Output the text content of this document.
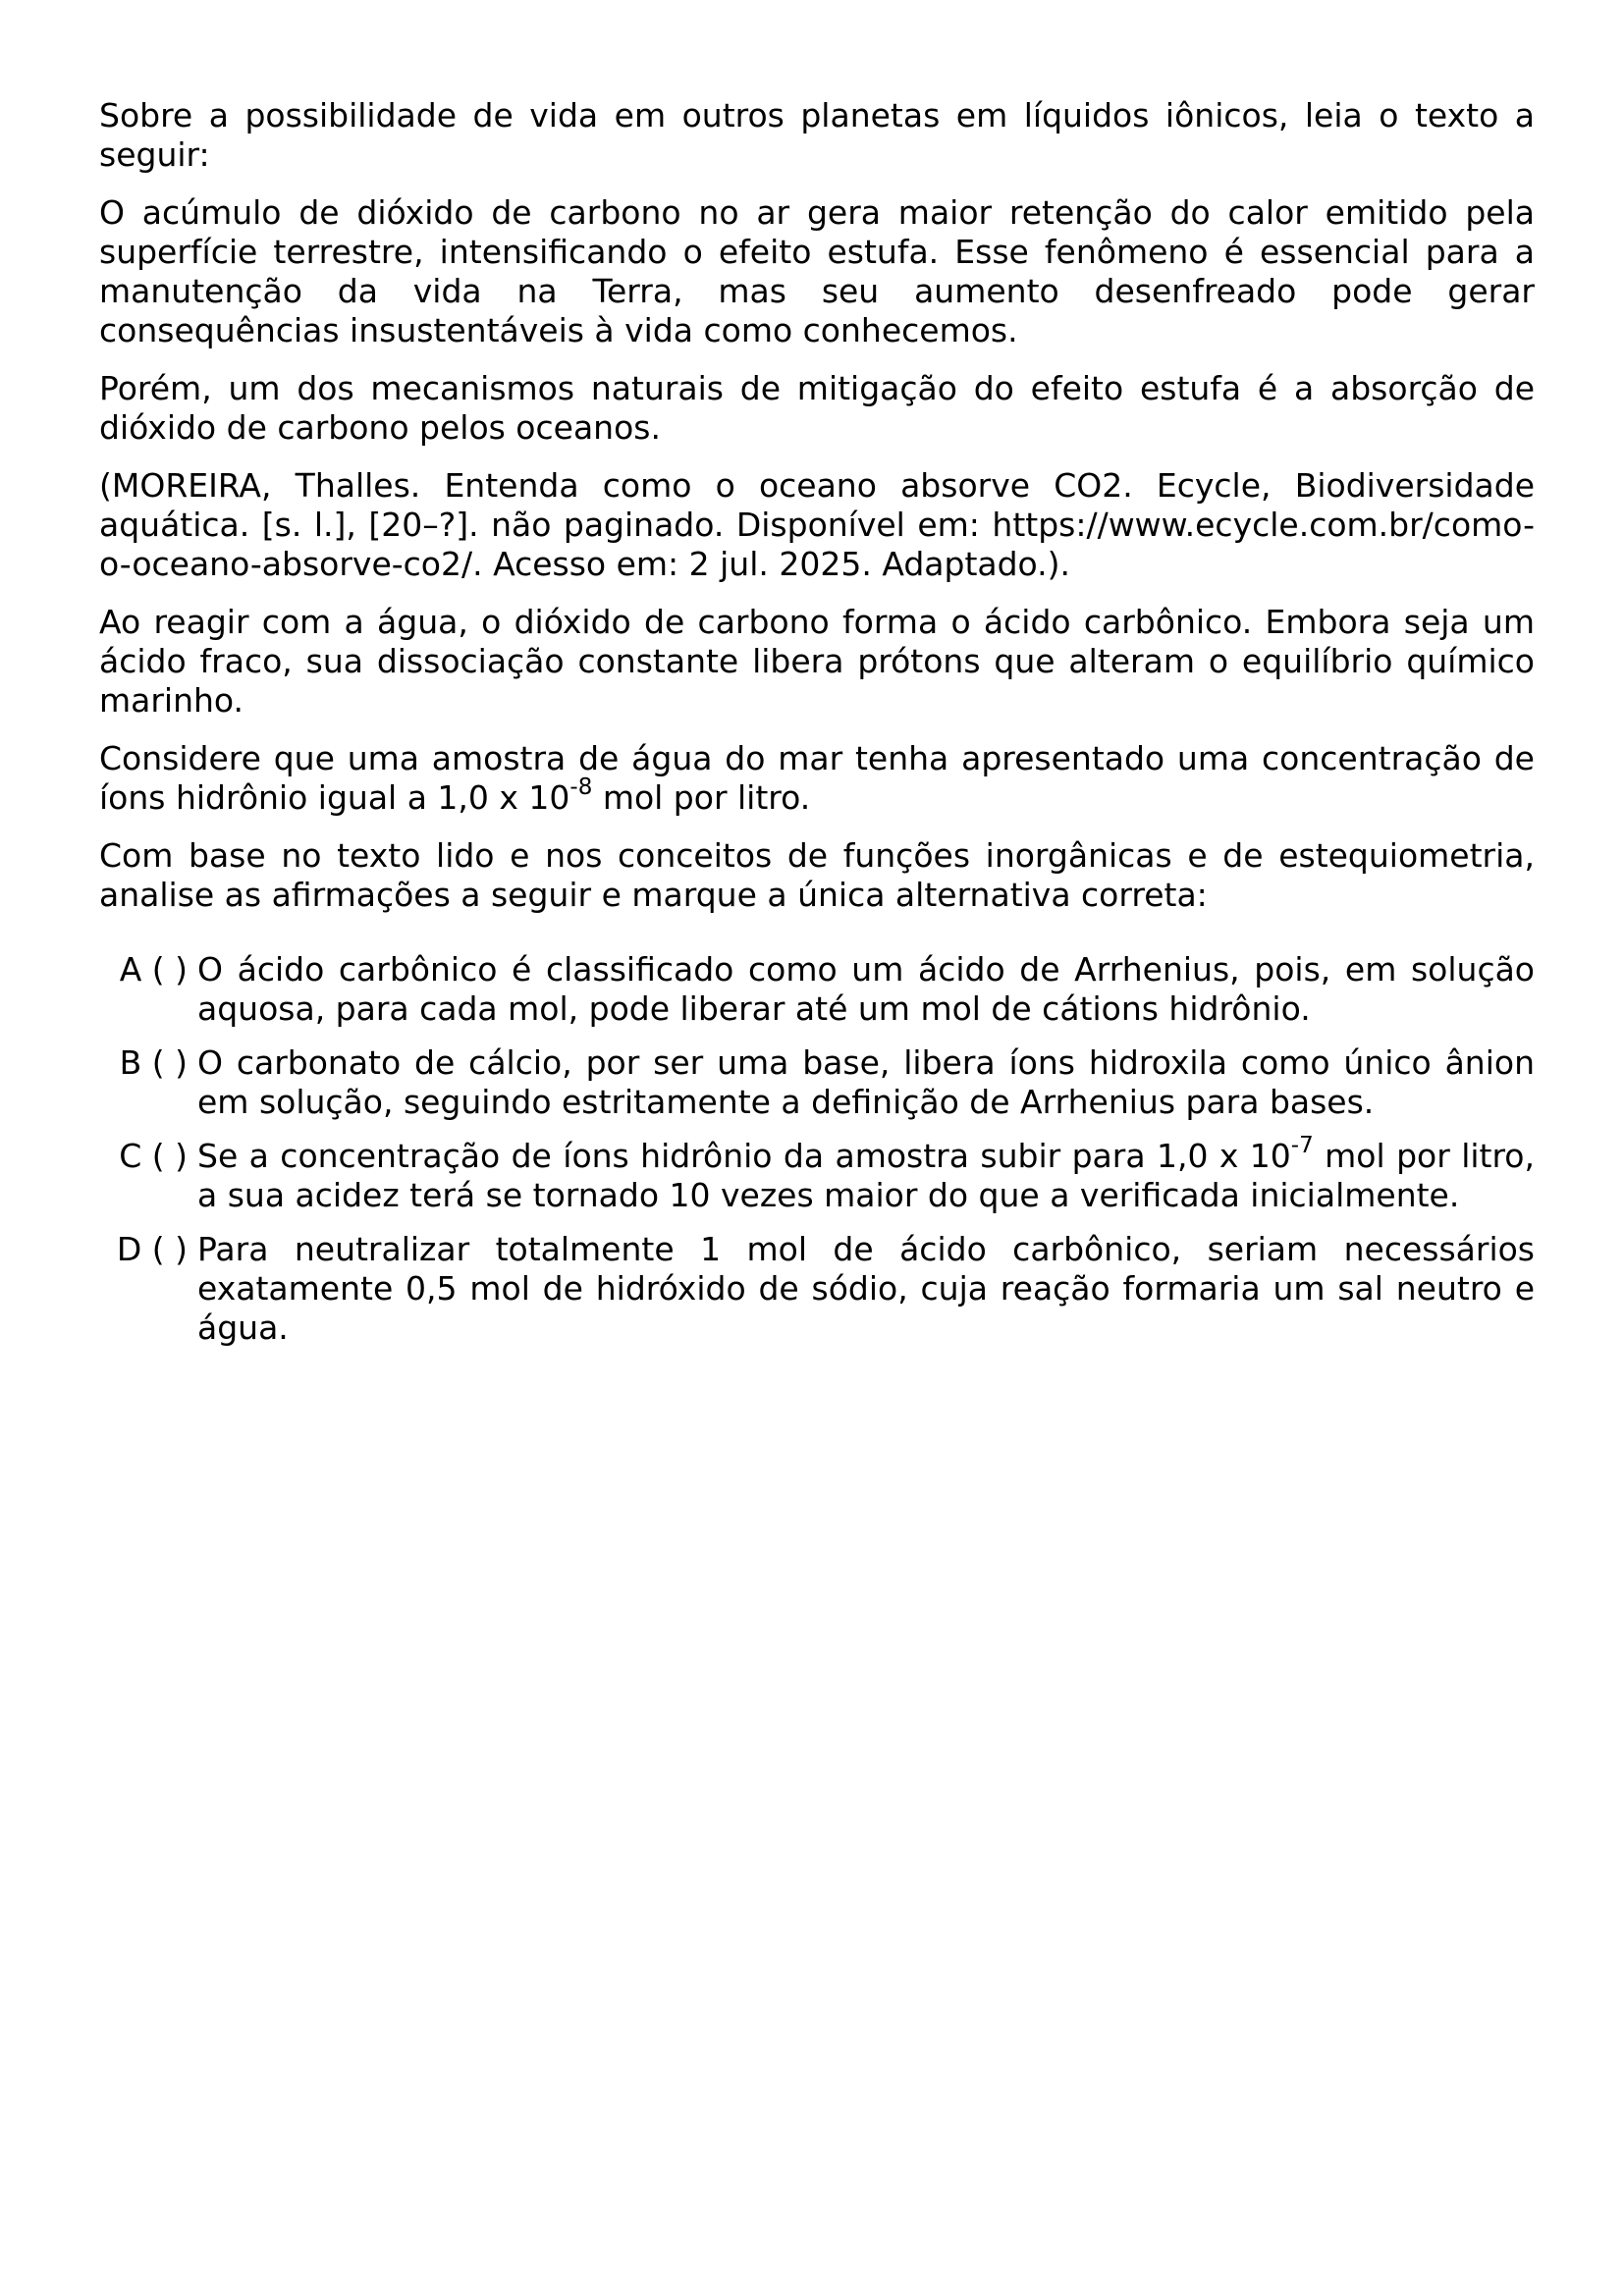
Sobre a possibilidade de vida em outros planetas em líquidos iônicos, leia o texto a seguir:

O acúmulo de dióxido de carbono no ar gera maior retenção do calor emitido pela superfície terrestre, intensificando o efeito estufa. Esse fenômeno é essencial para a manutenção da vida na Terra, mas seu aumento desenfreado pode gerar consequências insustentáveis à vida como conhecemos.

Porém, um dos mecanismos naturais de mitigação do efeito estufa é a absorção de dióxido de carbono pelos oceanos.

(MOREIRA, Thalles. Entenda como o oceano absorve CO2. Ecycle, Biodiversidade aquática. [s. l.], [20–?]. não paginado. Disponível em: https://www.ecycle.com.br/como-o-oceano-absorve-co2/. Acesso em: 2 jul. 2025. Adaptado.).

Ao reagir com a água, o dióxido de carbono forma o ácido carbônico. Embora seja um ácido fraco, sua dissociação constante libera prótons que alteram o equilíbrio químico marinho.

Considere que uma amostra de água do mar tenha apresentado uma concentração de íons hidrônio igual a 1,0 x $10^{-8}$ mol por litro.

Com base no texto lido e nos conceitos de funções inorgânicas e de estequiometria, analise as afirmações a seguir e marque a única alternativa correta:

A ( ) O ácido carbônico é classificado como um ácido de Arrhenius, pois, em solução aquosa, para cada mol, pode liberar até um mol de cátions hidrônio.
B ( ) O carbonato de cálcio, por ser uma base, libera íons hidroxila como único ânion em solução, seguindo estritamente a definição de Arrhenius para bases.
C ( ) Se a concentração de íons hidrônio da amostra subir para 1,0 x $10^{-7}$ mol por litro, a sua acidez terá se tornado 10 vezes maior do que a verificada inicialmente.
D ( ) Para neutralizar totalmente 1 mol de ácido carbônico, seriam necessários exatamente 0,5 mol de hidróxido de sódio, cuja reação formaria um sal neutro e água.
